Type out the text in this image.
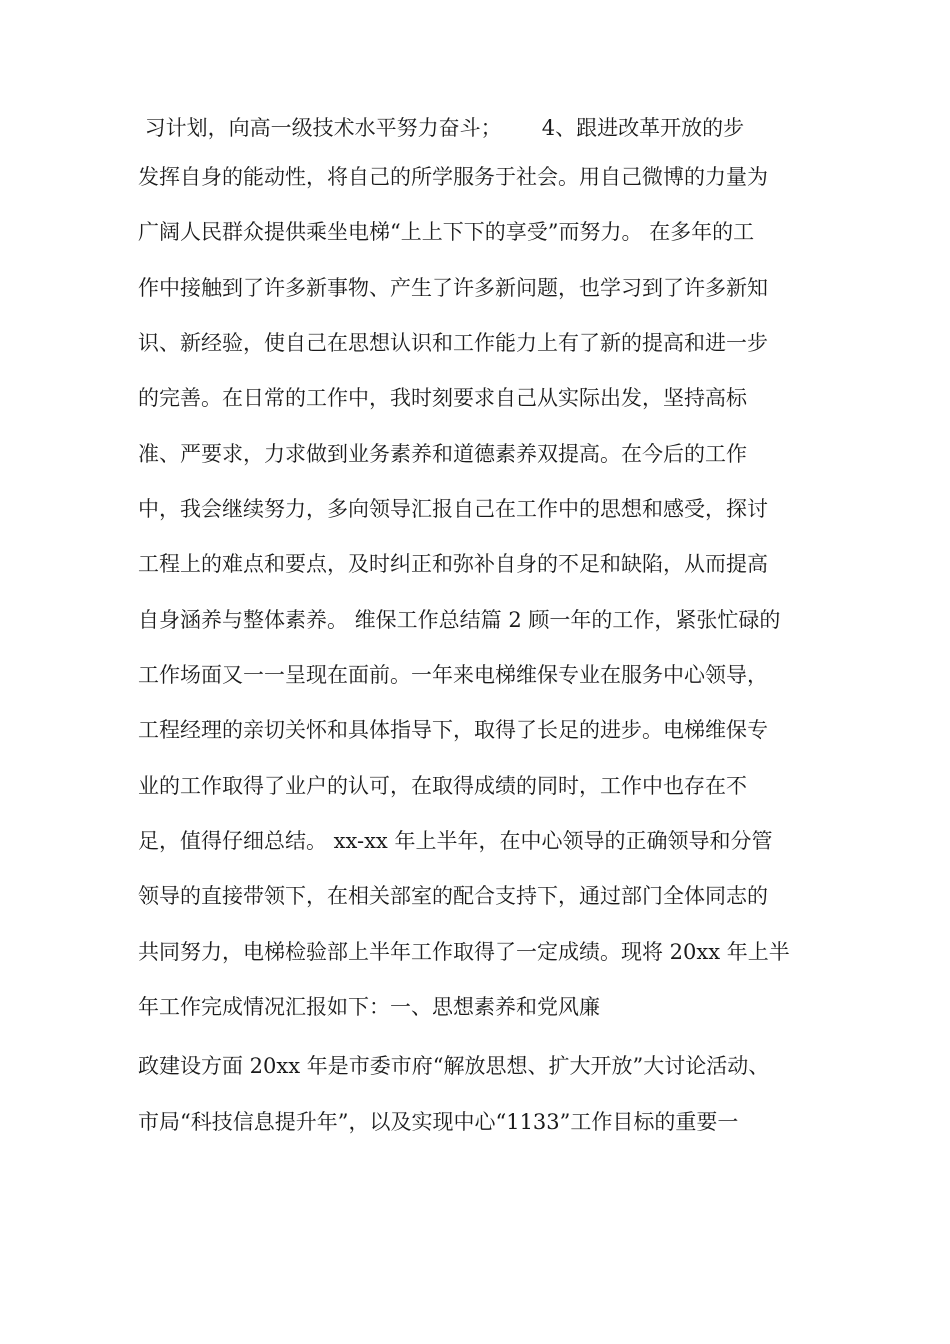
习计划，向高一级技术水平努力奋斗；      4、跟进改革开放的步
发挥自身的能动性，将自己的所学服务于社会。用自己微博的力量为
广阔人民群众提供乘坐电梯“上上下下的享受”而努力。 在多年的工
作中接触到了许多新事物、产生了许多新问题，也学习到了许多新知
识、新经验，使自己在思想认识和工作能力上有了新的提高和进一步
的完善。在日常的工作中，我时刻要求自己从实际出发，坚持高标
准、严要求，力求做到业务素养和道德素养双提高。在今后的工作
中，我会继续努力，多向领导汇报自己在工作中的思想和感受，探讨
工程上的难点和要点，及时纠正和弥补自身的不足和缺陷，从而提高
自身涵养与整体素养。 维保工作总结篇 2 顾一年的工作，紧张忙碌的
工作场面又一一呈现在面前。一年来电梯维保专业在服务中心领导，
工程经理的亲切关怀和具体指导下，取得了长足的进步。电梯维保专
业的工作取得了业户的认可，在取得成绩的同时，工作中也存在不
足，值得仔细总结。 xx-xx 年上半年，在中心领导的正确领导和分管
领导的直接带领下，在相关部室的配合支持下，通过部门全体同志的
共同努力，电梯检验部上半年工作取得了一定成绩。现将 20xx 年上半
年工作完成情况汇报如下：一、思想素养和党风廉
政建设方面 20xx 年是市委市府“解放思想、扩大开放”大讨论活动、
市局“科技信息提升年”，以及实现中心“1133”工作目标的重要一
